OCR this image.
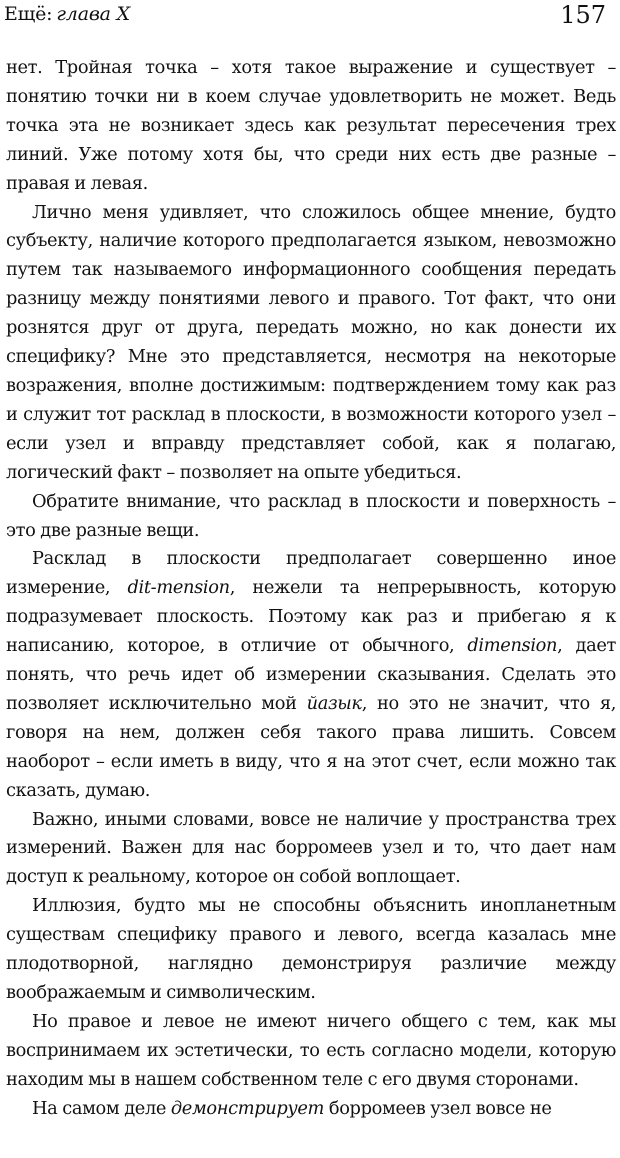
Ещё: глава X	157

нет. Тройная точка – хотя такое выражение и существует – понятию точки ни в коем случае удовлетворить не может. Ведь точка эта не возникает здесь как результат пересечения трех линий. Уже потому хотя бы, что среди них есть две разные – правая и левая.

Лично меня удивляет, что сложилось общее мнение, будто субъекту, наличие которого предполагается языком, невозможно путем так называемого информационного сообщения передать разницу между понятиями левого и правого. Тот факт, что они рознятся друг от друга, передать можно, но как донести их специфику? Мне это представляется, несмотря на некоторые возражения, вполне достижимым: подтверждением тому как раз и служит тот расклад в плоскости, в возможности которого узел – если узел и вправду представляет собой, как я полагаю, логический факт – позволяет на опыте убедиться.

Обратите внимание, что расклад в плоскости и поверхность – это две разные вещи.

Расклад в плоскости предполагает совершенно иное измерение, dit-mension, нежели та непрерывность, которую подразумевает плоскость. Поэтому как раз и прибегаю я к написанию, которое, в отличие от обычного, dimension, дает понять, что речь идет об измерении сказывания. Сделать это позволяет исключительно мой йазык, но это не значит, что я, говоря на нем, должен себя такого права лишить. Совсем наоборот – если иметь в виду, что я на этот счет, если можно так сказать, думаю.

Важно, иными словами, вовсе не наличие у пространства трех измерений. Важен для нас борромеев узел и то, что дает нам доступ к реальному, которое он собой воплощает.

Иллюзия, будто мы не способны объяснить инопланетным существам специфику правого и левого, всегда казалась мне плодотворной, наглядно демонстрируя различие между воображаемым и символическим.

Но правое и левое не имеют ничего общего с тем, как мы воспринимаем их эстетически, то есть согласно модели, которую находим мы в нашем собственном теле с его двумя сторонами.

На самом деле демонстрирует борромеев узел вовсе не
